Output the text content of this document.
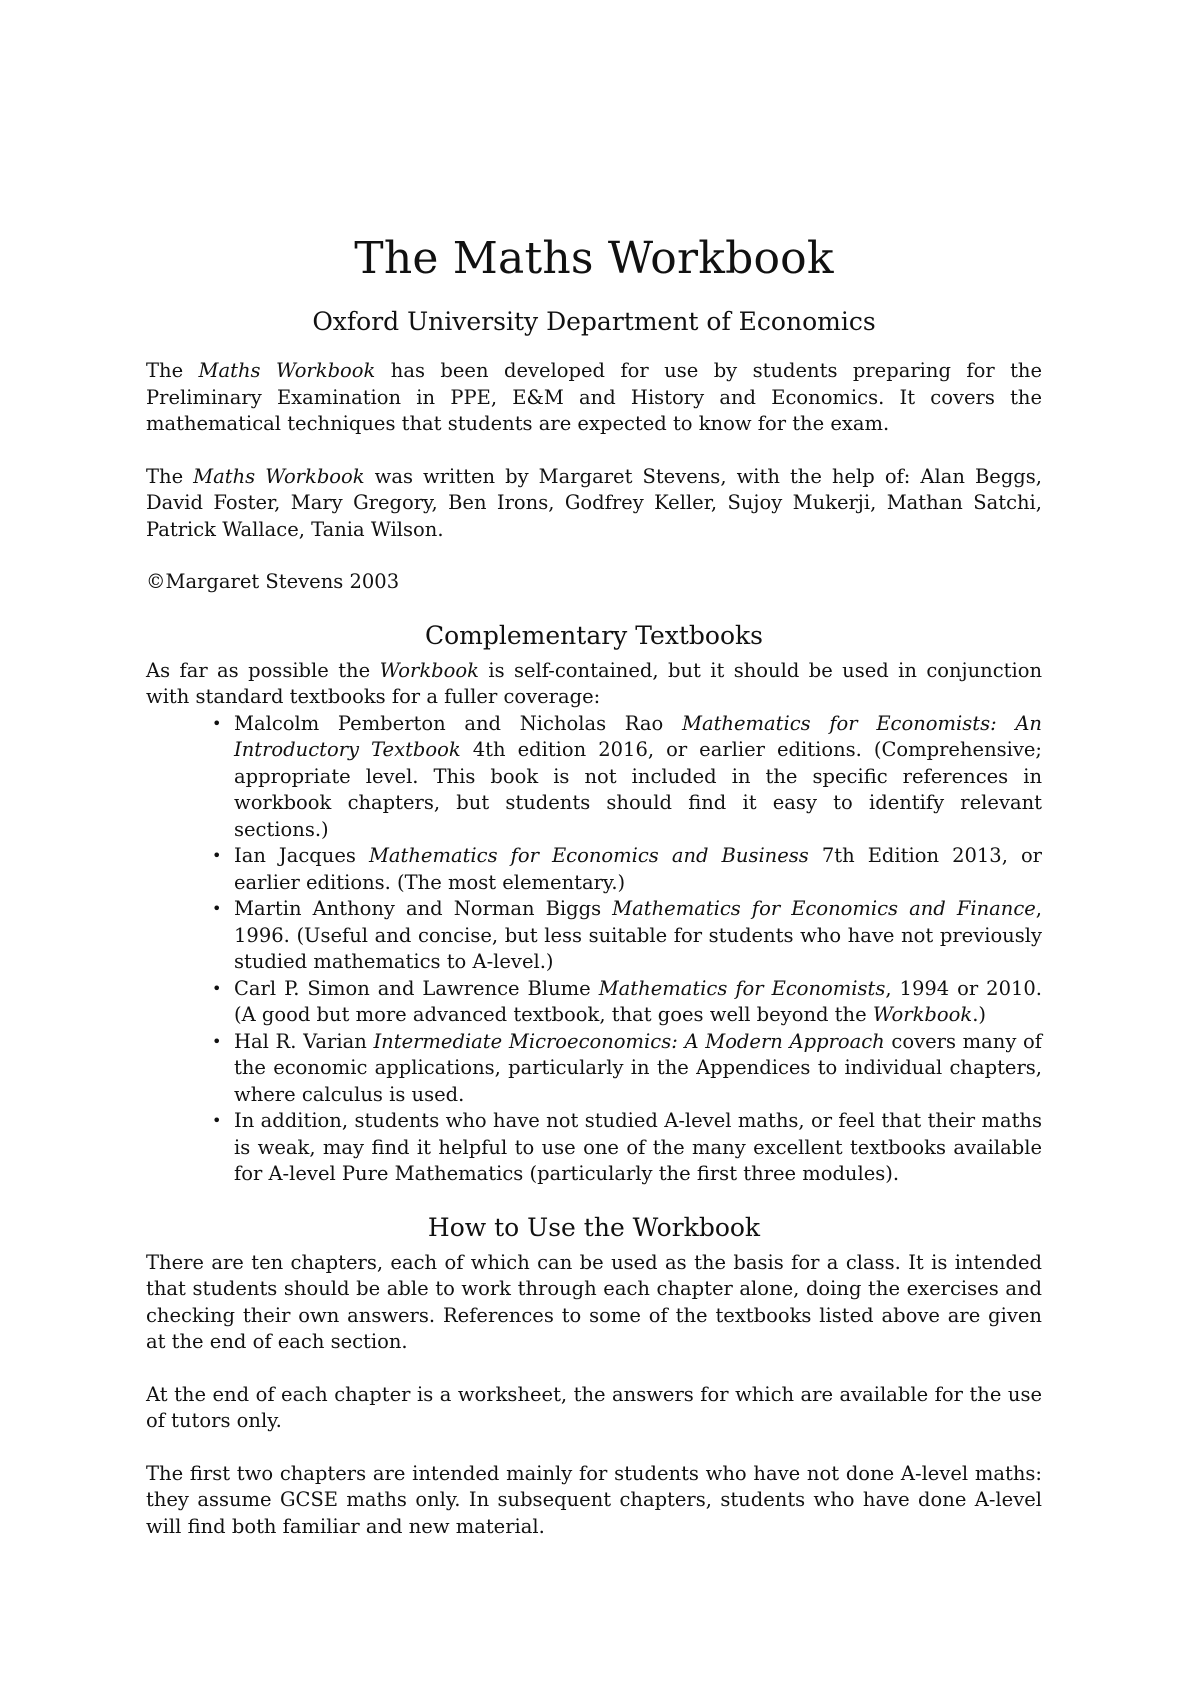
The Maths Workbook
Oxford University Department of Economics

The Maths Workbook has been developed for use by students preparing for the Preliminary Examination in PPE, E&M and History and Economics. It covers the mathematical techniques that students are expected to know for the exam.

The Maths Workbook was written by Margaret Stevens, with the help of: Alan Beggs, David Foster, Mary Gregory, Ben Irons, Godfrey Keller, Sujoy Mukerji, Mathan Satchi, Patrick Wallace, Tania Wilson.

©Margaret Stevens 2003

Complementary Textbooks

As far as possible the Workbook is self-contained, but it should be used in conjunction with standard textbooks for a fuller coverage:

• Malcolm Pemberton and Nicholas Rao Mathematics for Economists: An Introductory Textbook 4th edition 2016, or earlier editions. (Comprehensive; appropriate level. This book is not included in the specific references in workbook chapters, but students should find it easy to identify relevant sections.)
• Ian Jacques Mathematics for Economics and Business 7th Edition 2013, or earlier editions. (The most elementary.)
• Martin Anthony and Norman Biggs Mathematics for Economics and Finance, 1996. (Useful and concise, but less suitable for students who have not previously studied mathematics to A-level.)
• Carl P. Simon and Lawrence Blume Mathematics for Economists, 1994 or 2010. (A good but more advanced textbook, that goes well beyond the Workbook.)
• Hal R. Varian Intermediate Microeconomics: A Modern Approach covers many of the economic applications, particularly in the Appendices to individual chapters, where calculus is used.
• In addition, students who have not studied A-level maths, or feel that their maths is weak, may find it helpful to use one of the many excellent textbooks available for A-level Pure Mathematics (particularly the first three modules).
How to Use the Workbook

There are ten chapters, each of which can be used as the basis for a class. It is intended that students should be able to work through each chapter alone, doing the exercises and checking their own answers. References to some of the textbooks listed above are given at the end of each section.

At the end of each chapter is a worksheet, the answers for which are available for the use of tutors only.

The first two chapters are intended mainly for students who have not done A-level maths: they assume GCSE maths only. In subsequent chapters, students who have done A-level will find both familiar and new material.
